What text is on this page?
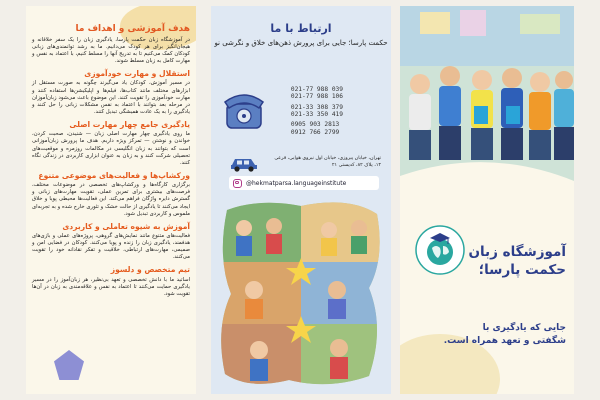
هدف آموزشی و اهداف ما
در آموزشگاه زبان حکمت پارسا، یادگیری زبان را یک سفر خلاقانه و هیجان‌انگیز برای هر کودک می‌دانیم. ما به رشد توانمندی‌های زبانی کودکان کمک می‌کنیم تا به تدریج آنها را مسلط کنیم، با اعتماد به نفس و مهارت کامل به زبان مسلط شوند.
استقلال و مهارت خودآموزی
در مسیر آموزش، کودکان یاد می‌گیرند چگونه به صورت مستقل از ابزارهای مختلف مانند کتاب‌ها، فیلم‌ها و اپلیکیشن‌ها استفاده کنند و مهارت خودآموزی را تقویت کنند. این موضوع باعث می‌شود زبان‌آموزان در مرحله بعد بتوانند با اعتماد به نفس مشکلات زبانی را حل کنند و یادگیری را به یک عادت همیشگی تبدیل کنند.
یادگیری جامع چهار مهارت اصلی
ما روی یادگیری چهار مهارت اصلی زبان — شنیدن، صحبت کردن، خواندن و نوشتن — تمرکز ویژه داریم. هدف ما پرورش زبان‌آموزانی است که بتوانند به زبان انگلیسی در مکالمات روزمره و موقعیت‌های تحصیلی شرکت کنند و به زبان به عنوان ابزاری کاربردی در زندگی نگاه کنند.
ورکشاپ‌ها و فعالیت‌های موضوعی متنوع
برگزاری کارگاه‌ها و ورکشاپ‌های تخصصی در موضوعات مختلف، فرصت‌های بیشتری برای تمرین عملی، تقویت مهارت‌های زبانی و گسترش دایره واژگان فراهم می‌کند. این فعالیت‌ها محیطی پویا و خلاق ایجاد می‌کنند تا یادگیری از حالت خشک و تئوری خارج شده و به تجربه‌ای ملموس و کاربردی تبدیل شود.
آموزش به شیوه تعاملی و کاربردی
فعالیت‌های متنوع مانند نمایش‌های گروهی، پروژه‌های عملی و بازی‌های هدفمند، یادگیری زبان را زنده و پویا می‌کنند. کودکان در فضایی امن و صمیمی، مهارت‌های ارتباطی، خلاقیت و تفکر نقادانه خود را تقویت می‌کنند.
تیم متخصص و دلسوز
اساتید ما با دانش تخصصی و تعهد بی‌نظیر، هر زبان‌آموز را در مسیر یادگیری حمایت می‌کنند تا اعتماد به نفس و علاقه‌مندی به زبان در آن‌ها تقویت شود.
ارتباط با ما
حکمت پارسا؛ جایی برای پرورش ذهن‌های خلاق و نگرشی نو
021-77 988 039
021-77 988 106
021-33 308 379
021-33 350 419
0905 903 2813
0912 766 2799
تهران، خیابان پیروزی، خیابان اول نیروی هوایی، فرعی ۱۴، پلاک ۸۲، کدپستی ۲۱
@hekmatparsa.languageinstitute
آموزشگاه زبان
حکمت پارسا؛
جایی که یادگیری با
شگفتی و تعهد همراه است.
